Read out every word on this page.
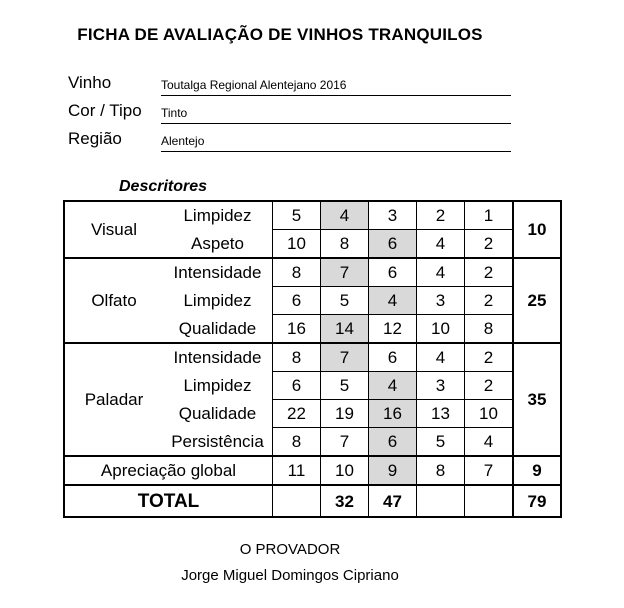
FICHA DE AVALIAÇÃO DE VINHOS TRANQUILOS
Vinho	Toutalga Regional Alentejano 2016
Cor / Tipo Tinto
Região	Alentejo
Descritores
Visual	Limpidez	5	4	3	2	1	10
	Aspeto	10	8	6	4	2	
Olfato	Intensidade	8	7	6	4	2	25
	Limpidez	6	5	4	3	2	
	Qualidade	16	14	12	10	8	
Paladar	Intensidade	8	7	6	4	2	35
	Limpidez	6	5	4	3	2	
	Qualidade	22	19	16	13	10	
	Persistência	8	7	6	5	4	
Apreciação global		11	10	9	8	7	9
TOTAL			32	47			79
O PROVADOR
Jorge Miguel Domingos Cipriano
